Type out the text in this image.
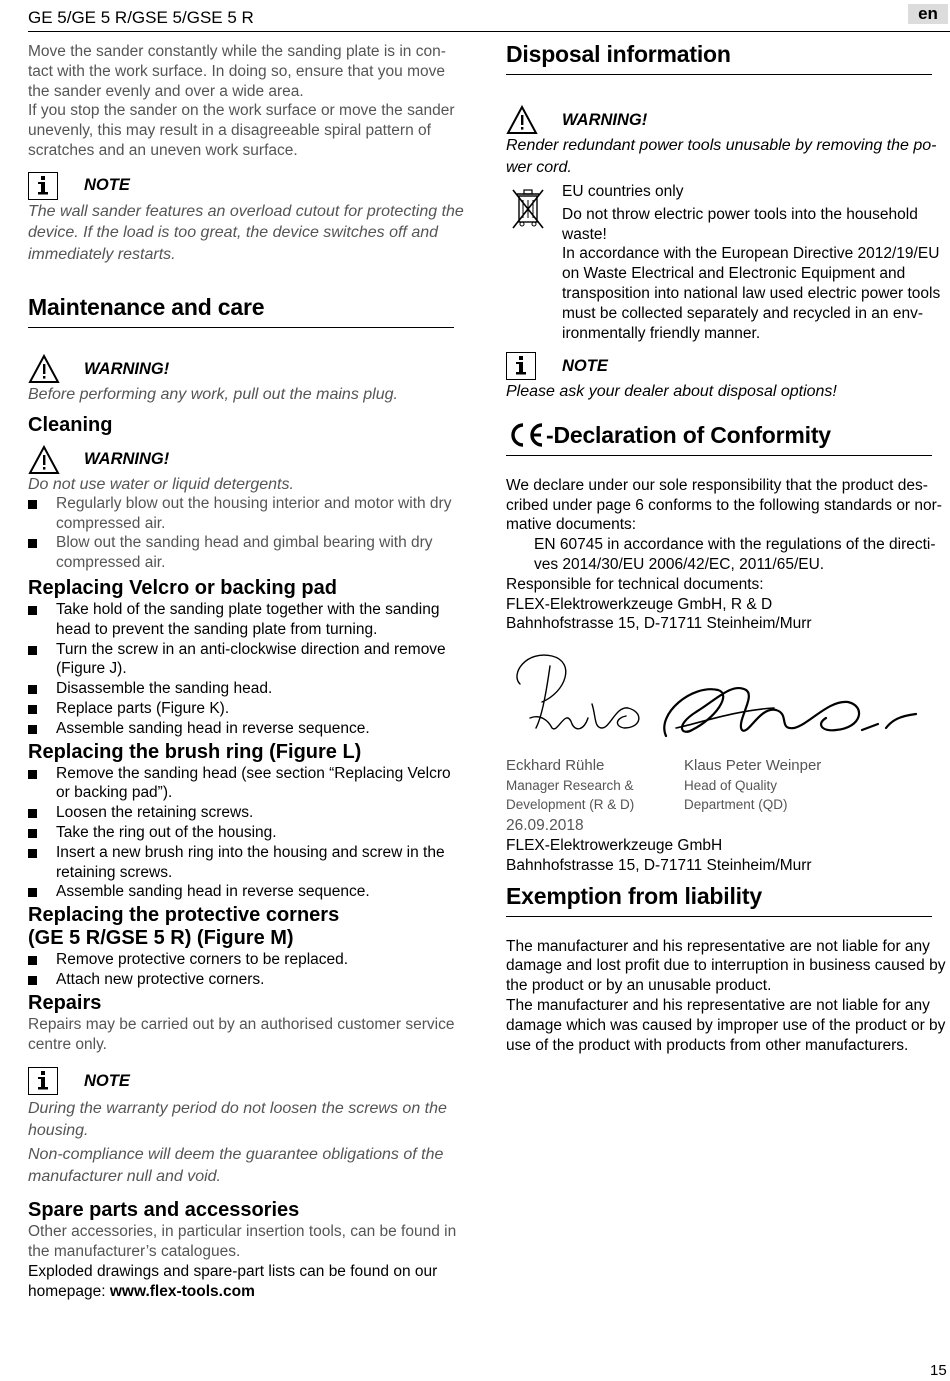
GE 5/GE 5 R/GSE 5/GSE 5 R	en

Move the sander constantly while the sanding plate is in con-tact with the work surface. In doing so, ensure that you move the sander evenly and over a wide area.

If you stop the sander on the work surface or move the sander unevenly, this may result in a disagreeable spiral pattern of scratches and an uneven work surface.

NOTE

The wall sander features an overload cutout for protecting the device. If the load is too great, the device switches off and immediately restarts.

Maintenance and care
WARNING!

Before performing any work, pull out the mains plug.

Cleaning
WARNING!

Do not use water or liquid detergents.

Regularly blow out the housing interior and motor with dry compressed air.
Blow out the sanding head and gimbal bearing with dry compressed air.
Replacing Velcro or backing pad
Take hold of the sanding plate together with the sanding head to prevent the sanding plate from turning.
Turn the screw in an anti-clockwise direction and remove (Figure J).
Disassemble the sanding head.
Replace parts (Figure K).
Assemble sanding head in reverse sequence.
Replacing the brush ring (Figure L)
Remove the sanding head (see section “Replacing Velcro or backing pad”).
Loosen the retaining screws.
Take the ring out of the housing.
Insert a new brush ring into the housing and screw in the retaining screws.
Assemble sanding head in reverse sequence.
Replacing the protective corners
(GE 5 R/GSE 5 R) (Figure M)
Remove protective corners to be replaced.
Attach new protective corners.
Repairs

Repairs may be carried out by an authorised customer service centre only.

NOTE

During the warranty period do not loosen the screws on the housing.

Non-compliance will deem the guarantee obligations of the manufacturer null and void.

Spare parts and accessories

Other accessories, in particular insertion tools, can be found in the manufacturer’s catalogues.

Exploded drawings and spare-part lists can be found on our homepage: www.flex-tools.com

Disposal information
WARNING!

Render redundant power tools unusable by removing the po-wer cord.

EU countries only

Do not throw electric power tools into the household waste!

In accordance with the European Directive 2012/19/EU on Waste Electrical and Electronic Equipment and transposition into national law used electric power tools must be collected separately and recycled in an env-ironmentally friendly manner.

NOTE

Please ask your dealer about disposal options!

-Declaration of Conformity

We declare under our sole responsibility that the product des-cribed under page 6 conforms to the following standards or nor-mative documents:

EN 60745 in accordance with the regulations of the directi-ves 2014/30/EU 2006/42/EC, 2011/65/EU.

Responsible for technical documents:

FLEX-Elektrowerkzeuge GmbH, R & D

Bahnhofstrasse 15, D-71711 Steinheim/Murr

Eckhard Rühle
Manager Research &
Development (R & D)
Klaus Peter Weinper
Head of Quality
Department (QD)

26.09.2018

FLEX-Elektrowerkzeuge GmbH

Bahnhofstrasse 15, D-71711 Steinheim/Murr

Exemption from liability

The manufacturer and his representative are not liable for any damage and lost profit due to interruption in business caused by the product or by an unusable product.

The manufacturer and his representative are not liable for any damage which was caused by improper use of the product or by use of the product with products from other manufacturers.

15
